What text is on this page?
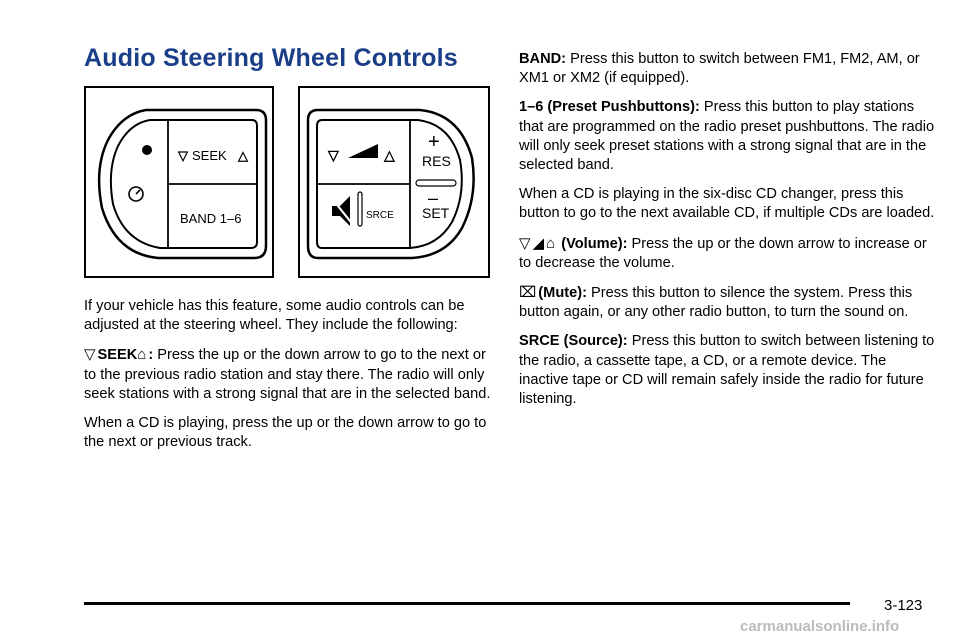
Audio Steering Wheel Controls
▽ SEEK △
BAND 1–6
▽	△
SRCE
+
RES
–
SET

If your vehicle has this feature, some audio controls can be adjusted at the steering wheel. They include the following:

▽ SEEK⌂ : Press the up or the down arrow to go to the next or to the previous radio station and stay there. The radio will only seek stations with a strong signal that are in the selected band.

When a CD is playing, press the up or the down arrow to go to the next or previous track.

BAND: Press this button to switch between FM1, FM2, AM, or XM1 or XM2 (if equipped).

1–6 (Preset Pushbuttons): Press this button to play stations that are programmed on the radio preset pushbuttons. The radio will only seek preset stations with a strong signal that are in the selected band.

When a CD is playing in the six-disc CD changer, press this button to go to the next available CD, if multiple CDs are loaded.

▽ ◢ ⌂ (Volume): Press the up or the down arrow to increase or to decrease the volume.

⌧ (Mute): Press this button to silence the system. Press this button again, or any other radio button, to turn the sound on.

SRCE (Source): Press this button to switch between listening to the radio, a cassette tape, a CD, or a remote device. The inactive tape or CD will remain safely inside the radio for future listening.

3-123
carmanualsonline.info
